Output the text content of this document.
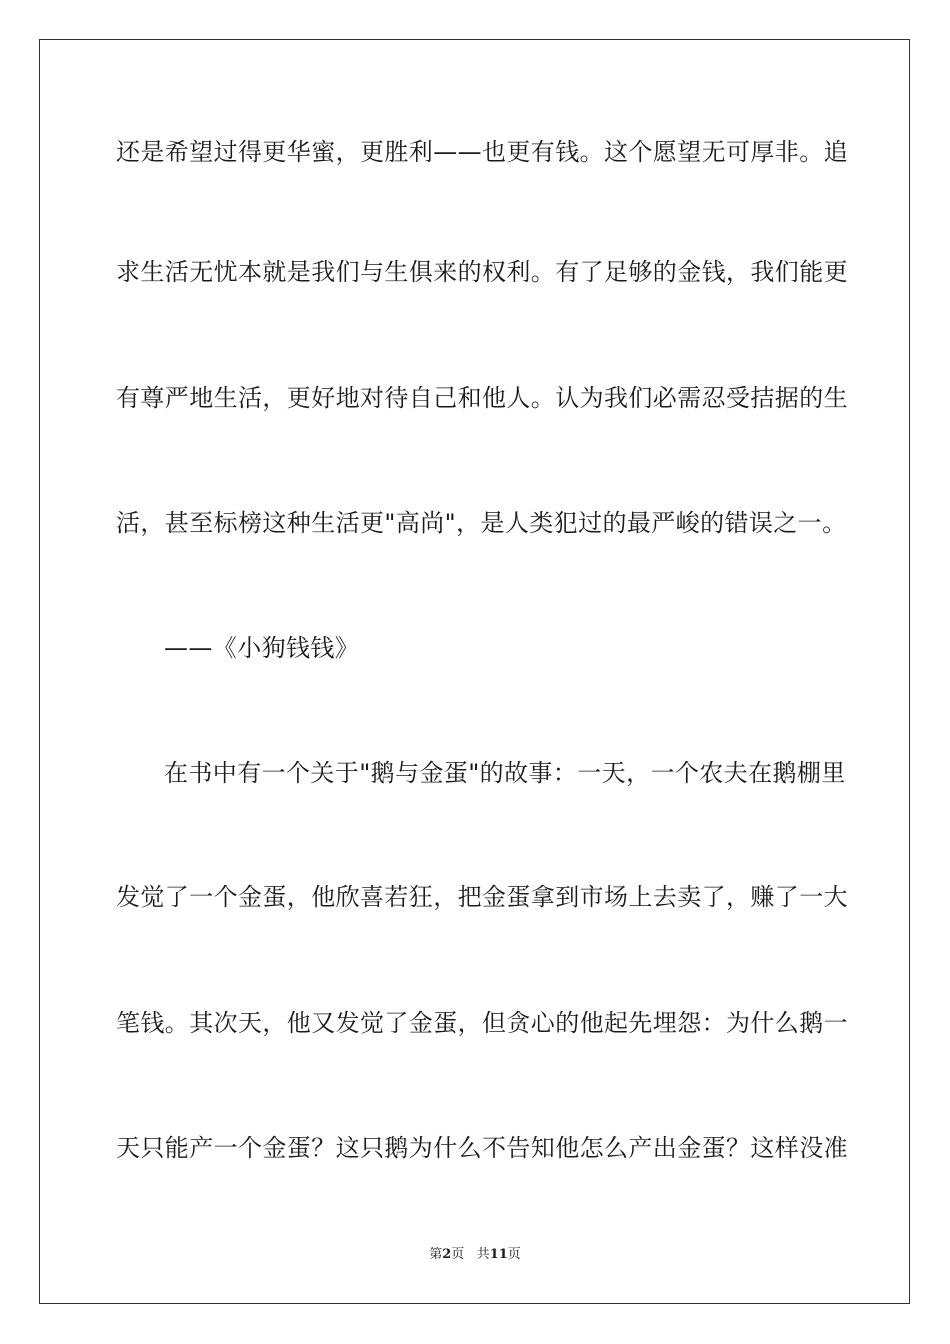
还是希望过得更华蜜，更胜利——也更有钱。这个愿望无可厚非。追
求生活无忧本就是我们与生俱来的权利。有了足够的金钱，我们能更
有尊严地生活，更好地对待自己和他人。认为我们必需忍受拮据的生
活，甚至标榜这种生活更"高尚"，是人类犯过的最严峻的错误之一。
——《小狗钱钱》
在书中有一个关于"鹅与金蛋"的故事：一天，一个农夫在鹅棚里
发觉了一个金蛋，他欣喜若狂，把金蛋拿到市场上去卖了，赚了一大
笔钱。其次天，他又发觉了金蛋，但贪心的他起先埋怨：为什么鹅一
天只能产一个金蛋？这只鹅为什么不告知他怎么产出金蛋？这样没准
第2页 共11页
